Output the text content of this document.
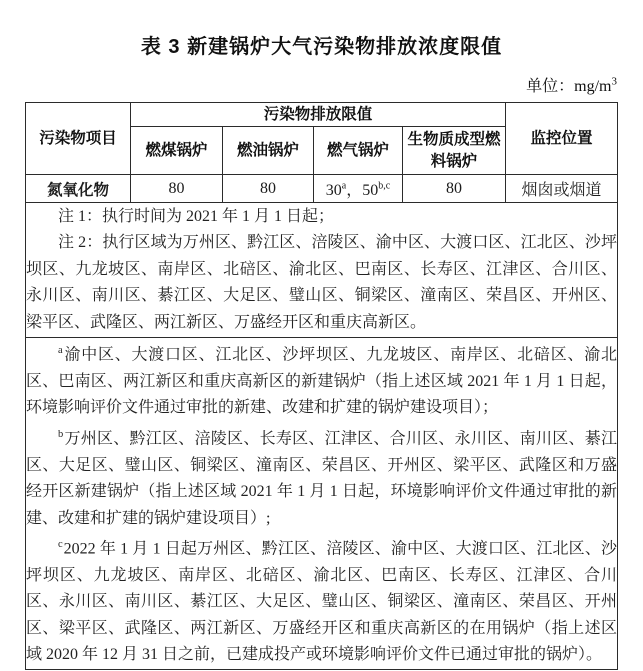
表 3 新建锅炉大气污染物排放浓度限值
单位：$mg/m^3$
污染物项目	污染物排放限值				监控位置
	燃煤锅炉	燃油锅炉	燃气锅炉	生物质成型燃料锅炉	
氮氧化物	80	80	30$^a$，50$^{b,c}$	80	烟囱或烟道

注 1：执行时间为 2021 年 1 月 1 日起；

注 2：执行区域为万州区、黔江区、涪陵区、渝中区、大渡口区、江北区、沙坪坝区、九龙坡区、南岸区、北碚区、渝北区、巴南区、长寿区、江津区、合川区、永川区、南川区、綦江区、大足区、璧山区、铜梁区、潼南区、荣昌区、开州区、梁平区、武隆区、两江新区、万盛经开区和重庆高新区。					

$^a$渝中区、大渡口区、江北区、沙坪坝区、九龙坡区、南岸区、北碚区、渝北区、巴南区、两江新区和重庆高新区的新建锅炉（指上述区域 2021 年 1 月 1 日起，环境影响评价文件通过审批的新建、改建和扩建的锅炉建设项目）；

$^b$万州区、黔江区、涪陵区、长寿区、江津区、合川区、永川区、南川区、綦江区、大足区、璧山区、铜梁区、潼南区、荣昌区、开州区、梁平区、武隆区和万盛经开区新建锅炉（指上述区域 2021 年 1 月 1 日起，环境影响评价文件通过审批的新建、改建和扩建的锅炉建设项目）;

$^c$2022 年 1 月 1 日起万州区、黔江区、涪陵区、渝中区、大渡口区、江北区、沙坪坝区、九龙坡区、南岸区、北碚区、渝北区、巴南区、长寿区、江津区、合川区、永川区、南川区、綦江区、大足区、璧山区、铜梁区、潼南区、荣昌区、开州区、梁平区、武隆区、两江新区、万盛经开区和重庆高新区的在用锅炉（指上述区域 2020 年 12 月 31 日之前，已建成投产或环境影响评价文件已通过审批的锅炉）。					
